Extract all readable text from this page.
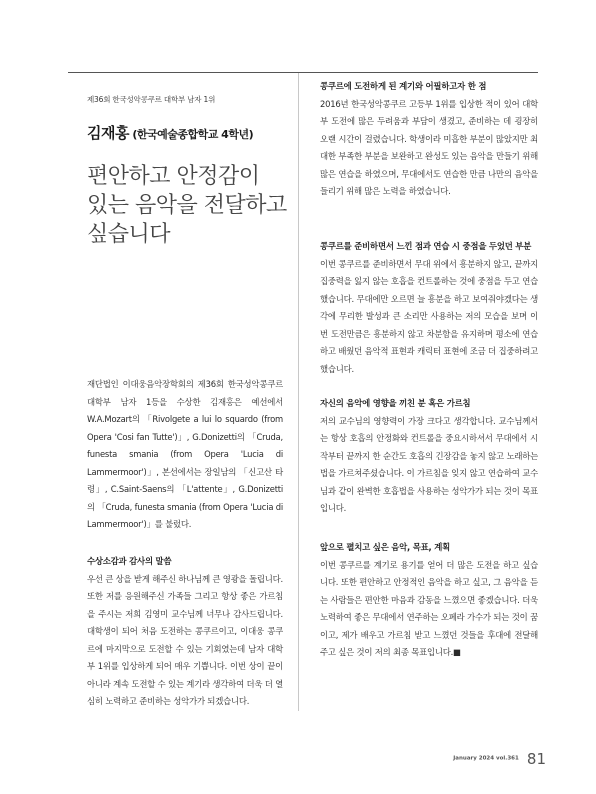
제36회 한국성악콩쿠르 대학부 남자 1위
김재홍 (한국예술종합학교 4학년)
편안하고 안정감이
있는 음악을 전달하고
싶습니다
재단법인 이대웅음악장학회의 제36회 한국성악콩쿠르 대학부 남자 1등을 수상한 김재홍은 예선에서 W.A.Mozart의 「Rivolgete a lui lo squardo (from Opera 'Cosi fan Tutte')」, G.Donizetti의 「Cruda, funesta smania (from Opera 'Lucia di Lammermoor')」, 본선에서는 장일남의 「신고산 타령」, C.Saint-Saens의 「L'attente」, G.Donizetti의 「Cruda, funesta smania (from Opera 'Lucia di Lammermoor')」를 불렀다.
수상소감과 감사의 말씀

우선 큰 상을 받게 해주신 하나님께 큰 영광을 돌립니다. 또한 저를 응원해주신 가족들 그리고 항상 좋은 가르침을 주시는 저희 김영미 교수님께 너무나 감사드립니다. 대학생이 되어 처음 도전하는 콩쿠르이고, 이대웅 콩쿠르에 마지막으로 도전할 수 있는 기회였는데 남자 대학부 1위를 입상하게 되어 매우 기쁩니다. 이번 상이 끝이 아니라 계속 도전할 수 있는 계기라 생각하여 더욱 더 열심히 노력하고 준비하는 성악가가 되겠습니다.

콩쿠르에 도전하게 된 계기와 어필하고자 한 점

2016년 한국성악콩쿠르 고등부 1위를 입상한 적이 있어 대학부 도전에 많은 두려움과 부담이 생겼고, 준비하는 데 굉장히 오랜 시간이 걸렸습니다. 학생이라 미흡한 부분이 많았지만 최대한 부족한 부분을 보완하고 완성도 있는 음악을 만들기 위해 많은 연습을 하였으며, 무대에서도 연습한 만큼 나만의 음악을 들리기 위해 많은 노력을 하였습니다.

콩쿠르를 준비하면서 느낀 점과 연습 시 중점을 두었던 부분

이번 콩쿠르를 준비하면서 무대 위에서 흥분하지 않고, 끝까지 집중력을 잃지 않는 호흡을 컨트롤하는 것에 중점을 두고 연습했습니다. 무대에만 오르면 늘 흥분을 하고 보여줘야겠다는 생각에 무리한 발성과 큰 소리만 사용하는 저의 모습을 보며 이번 도전만큼은 흥분하지 않고 차분함을 유지하며 평소에 연습하고 배웠던 음악적 표현과 캐릭터 표현에 조금 더 집중하려고 했습니다.

자신의 음악에 영향을 끼친 분 혹은 가르침

저의 교수님의 영향력이 가장 크다고 생각합니다. 교수님께서는 항상 호흡의 안정화와 컨트롤을 중요시하셔서 무대에서 시작부터 끝까지 한 순간도 호흡의 긴장감을 놓지 않고 노래하는 법을 가르쳐주셨습니다. 이 가르침을 잊지 않고 연습하여 교수님과 같이 완벽한 호흡법을 사용하는 성악가가 되는 것이 목표입니다.

앞으로 펼치고 싶은 음악, 목표, 계획

이번 콩쿠르를 계기로 용기를 얻어 더 많은 도전을 하고 싶습니다. 또한 편안하고 안정적인 음악을 하고 싶고, 그 음악을 듣는 사람들은 편안한 마음과 감동을 느꼈으면 좋겠습니다. 더욱 노력하여 좋은 무대에서 연주하는 오페라 가수가 되는 것이 꿈이고, 제가 배우고 가르침 받고 느꼈던 것들을 후대에 전달해주고 싶은 것이 저의 최종 목표입니다.■

January 2024 vol.361 81
